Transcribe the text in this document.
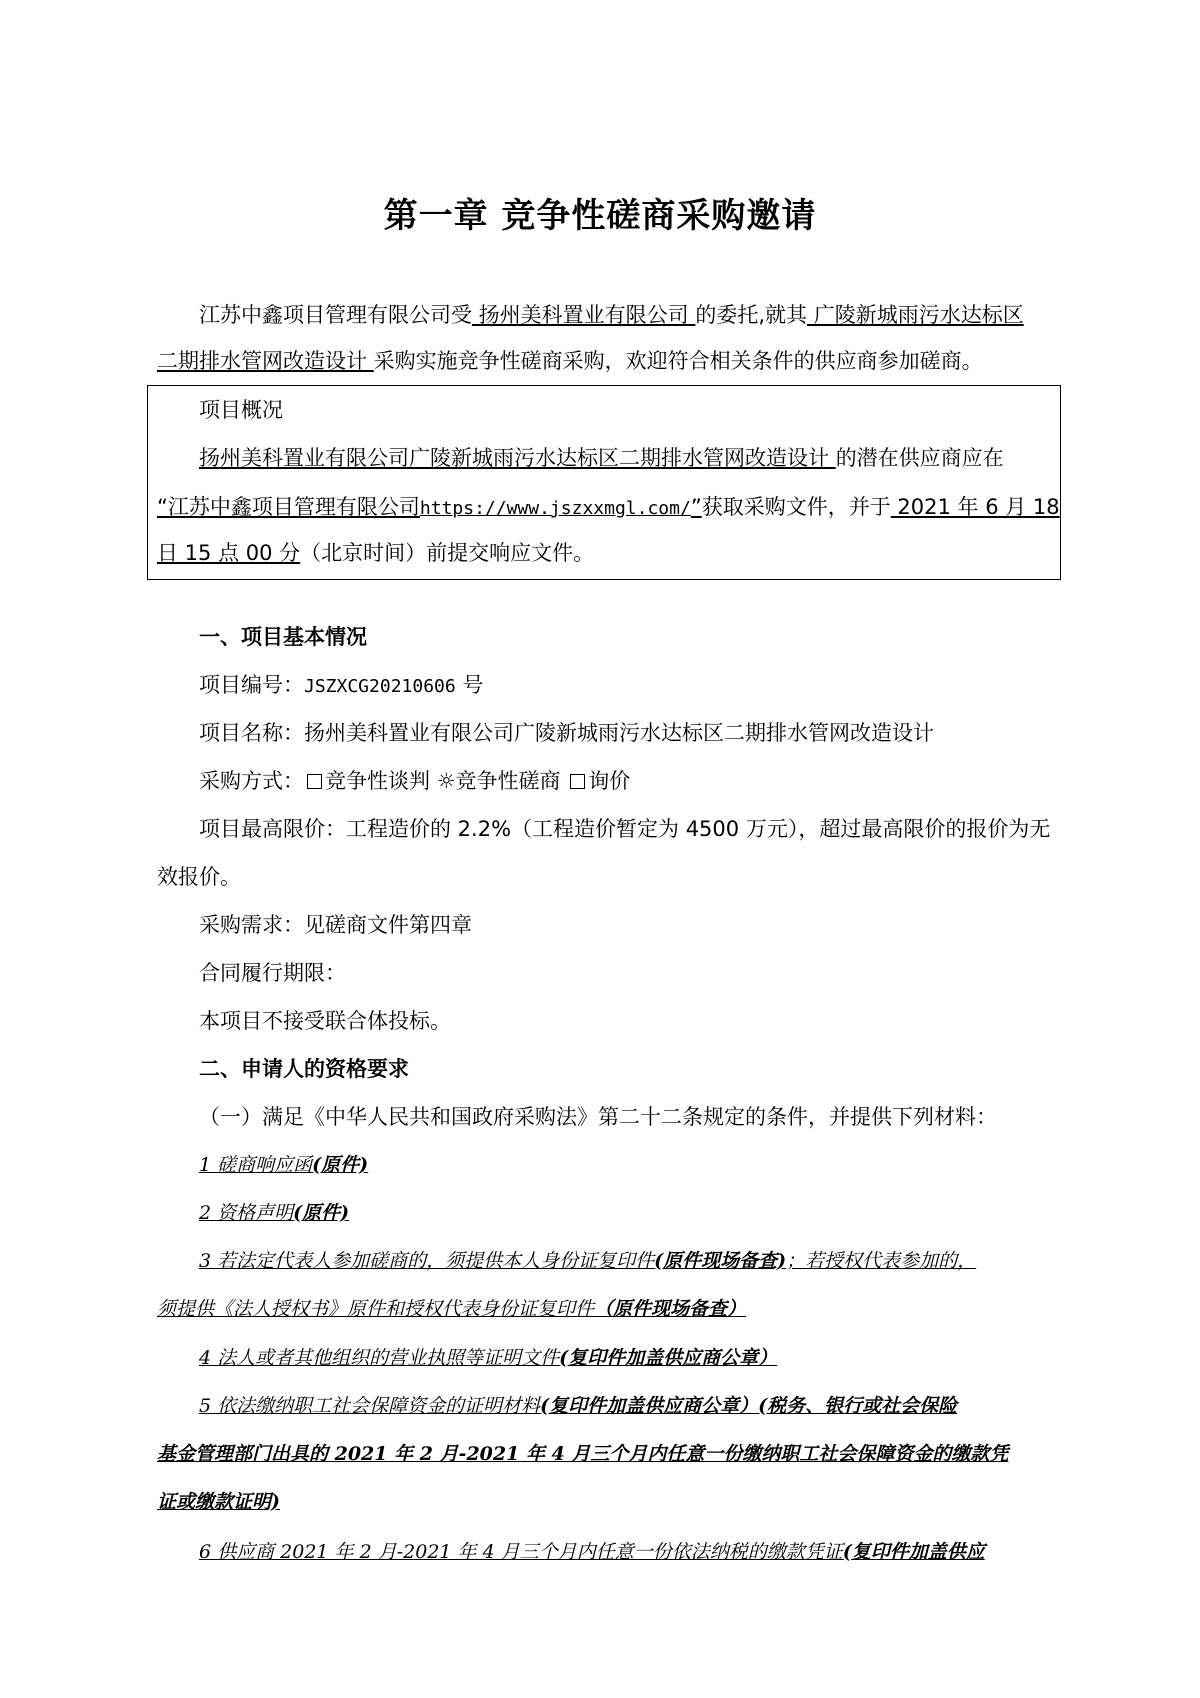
第一章 竞争性磋商采购邀请
江苏中鑫项目管理有限公司受 扬州美科置业有限公司 的委托,就其 广陵新城雨污水达标区
二期排水管网改造设计 采购实施竞争性磋商采购，欢迎符合相关条件的供应商参加磋商。
项目概况
扬州美科置业有限公司广陵新城雨污水达标区二期排水管网改造设计 的潜在供应商应在
“江苏中鑫项目管理有限公司https://www.jszxxmgl.com/”获取采购文件，并于 2021 年 6 月 18
日 15 点 00 分（北京时间）前提交响应文件。
一、项目基本情况
项目编号：JSZXCG20210606 号
项目名称：扬州美科置业有限公司广陵新城雨污水达标区二期排水管网改造设计
采购方式： 竞争性谈判 ☼竞争性磋商 询价
项目最高限价：工程造价的 2.2%（工程造价暂定为 4500 万元），超过最高限价的报价为无
效报价。
采购需求：见磋商文件第四章
合同履行期限：
本项目不接受联合体投标。
二、申请人的资格要求
（一）满足《中华人民共和国政府采购法》第二十二条规定的条件，并提供下列材料：
1 磋商响应函(原件)
2 资格声明(原件)
3 若法定代表人参加磋商的，须提供本人身份证复印件(原件现场备查)；若授权代表参加的，
须提供《法人授权书》原件和授权代表身份证复印件（原件现场备查）
4 法人或者其他组织的营业执照等证明文件(复印件加盖供应商公章）
5 依法缴纳职工社会保障资金的证明材料(复印件加盖供应商公章）(税务、银行或社会保险
基金管理部门出具的 2021 年 2 月-2021 年 4 月三个月内任意一份缴纳职工社会保障资金的缴款凭
证或缴款证明)
6 供应商 2021 年 2 月-2021 年 4 月三个月内任意一份依法纳税的缴款凭证(复印件加盖供应
